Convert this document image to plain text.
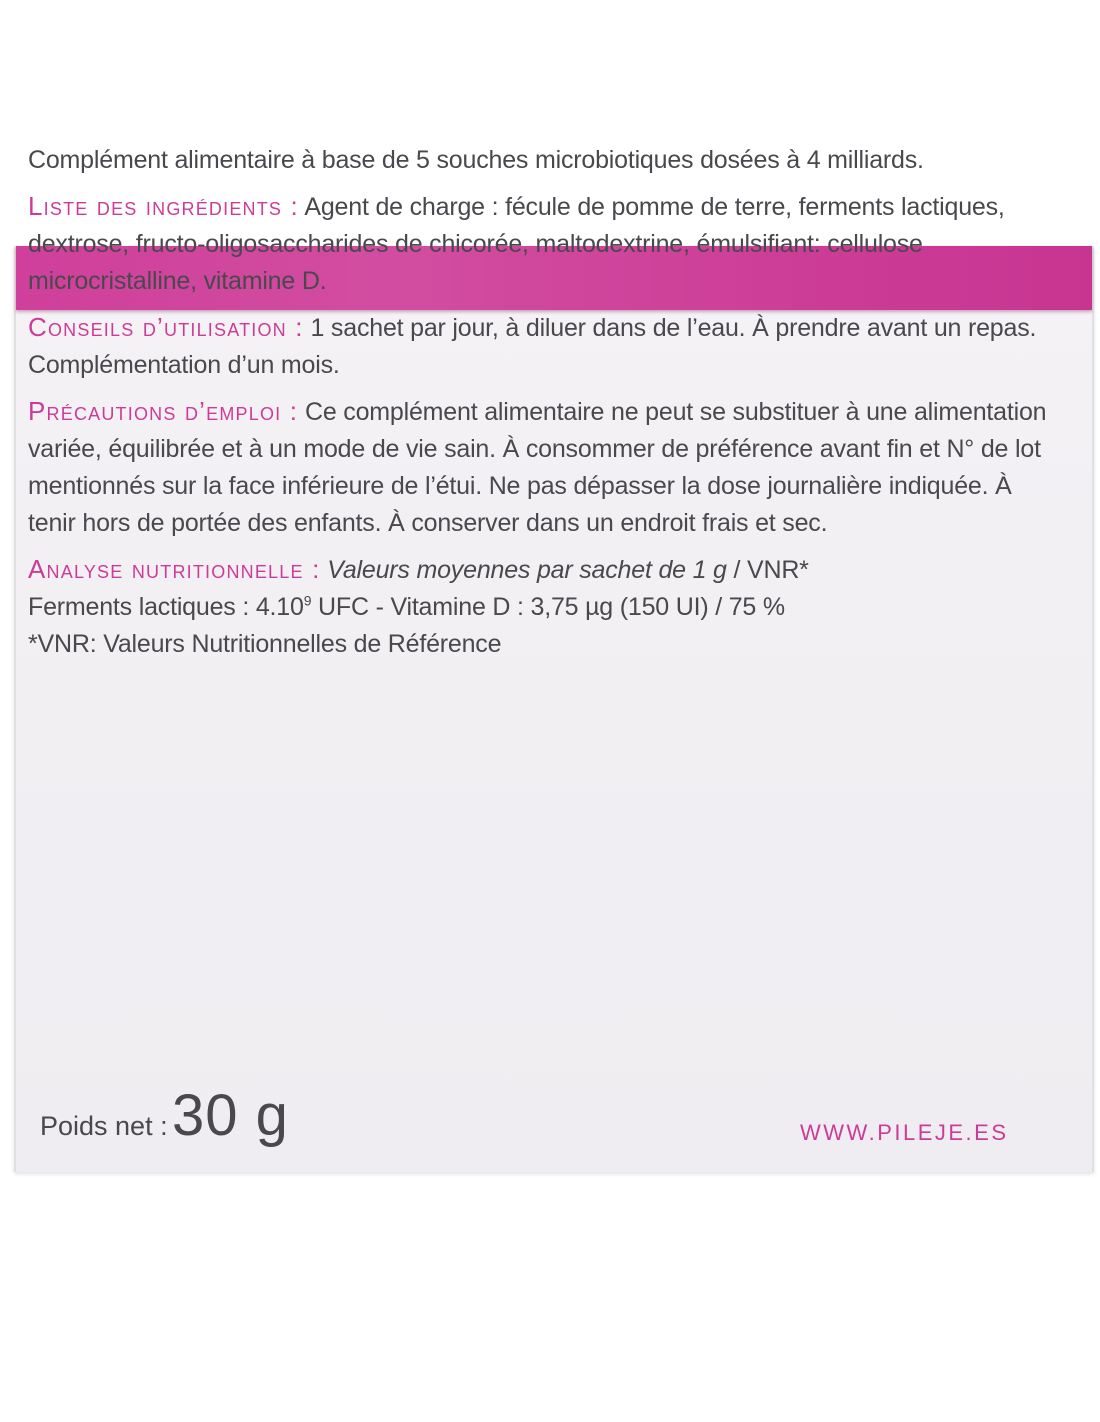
Complément alimentaire à base de 5 souches microbiotiques dosées à 4 milliards.

Liste des ingrédients : Agent de charge : fécule de pomme de terre, ferments lactiques, dextrose, fructo-oligosaccharides de chicorée, maltodextrine, émulsifiant: cellulose microcristalline, vitamine D.

Conseils d’utilisation : 1 sachet par jour, à diluer dans de l’eau. À prendre avant un repas. Complémentation d’un mois.

Précautions d’emploi : Ce complément alimentaire ne peut se substituer à une alimentation variée, équilibrée et à un mode de vie sain. À consommer de préférence avant fin et N° de lot mentionnés sur la face inférieure de l’étui. Ne pas dépasser la dose journalière indiquée. À tenir hors de portée des enfants. À conserver dans un endroit frais et sec.

Analyse nutritionnelle : Valeurs moyennes par sachet de 1 g / VNR*
Ferments lactiques : 4.10$^9$ UFC - Vitamine D : 3,75 µg (150 UI) / 75 %
*VNR: Valeurs Nutritionnelles de Référence

Poids net : 30 g	WWW.PILEJE.ES
